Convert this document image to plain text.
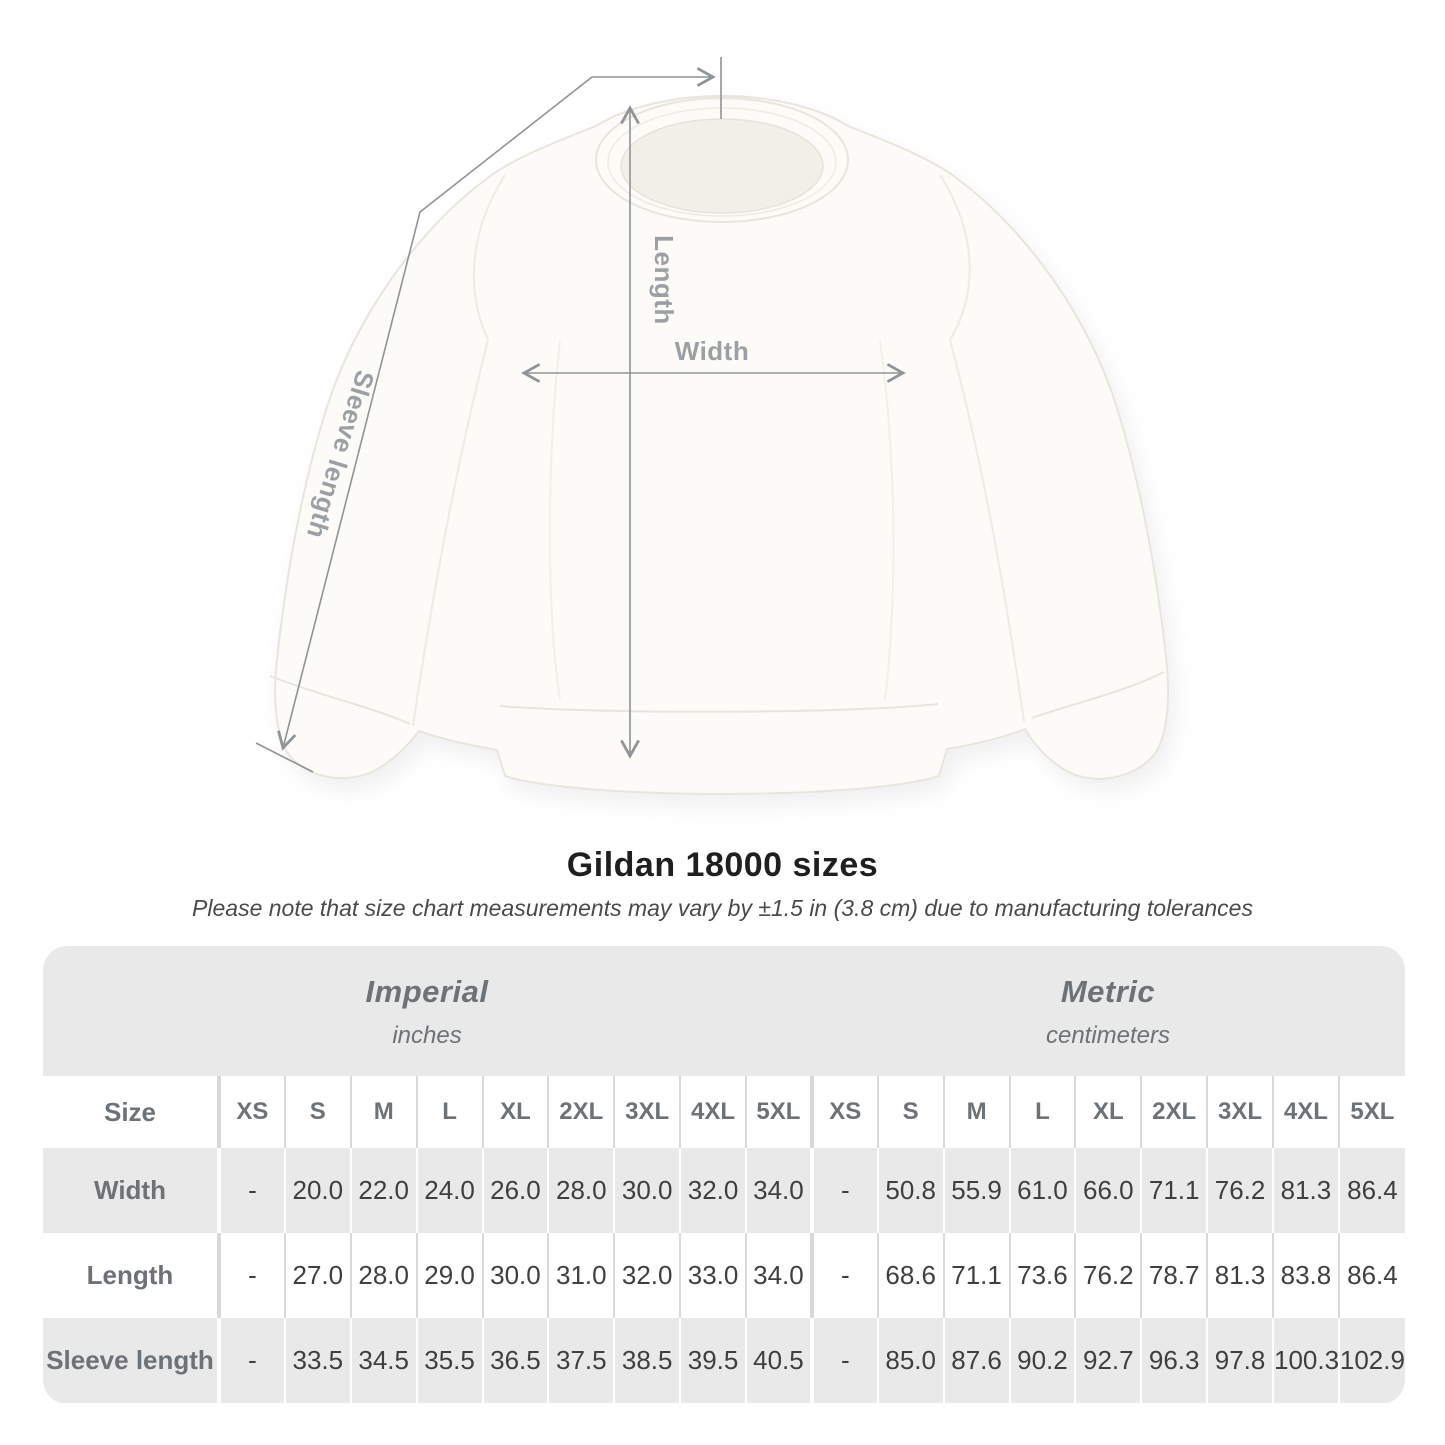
Length
Width
Sleeve length
Gildan 18000 sizes

Please note that size chart measurements may vary by ±1.5 in (3.8 cm) due to manufacturing tolerances

Imperial
inches
Metric
centimeters
Size	XS	S	M	L	XL	2XL	3XL	4XL	5XL	XS	S	M	L	XL	2XL	3XL	4XL	5XL
Width	-	20.0	22.0	24.0	26.0	28.0	30.0	32.0	34.0	-	50.8	55.9	61.0	66.0	71.1	76.2	81.3	86.4
Length	-	27.0	28.0	29.0	30.0	31.0	32.0	33.0	34.0	-	68.6	71.1	73.6	76.2	78.7	81.3	83.8	86.4
Sleeve length	-	33.5	34.5	35.5	36.5	37.5	38.5	39.5	40.5	-	85.0	87.6	90.2	92.7	96.3	97.8	100.3	102.9
